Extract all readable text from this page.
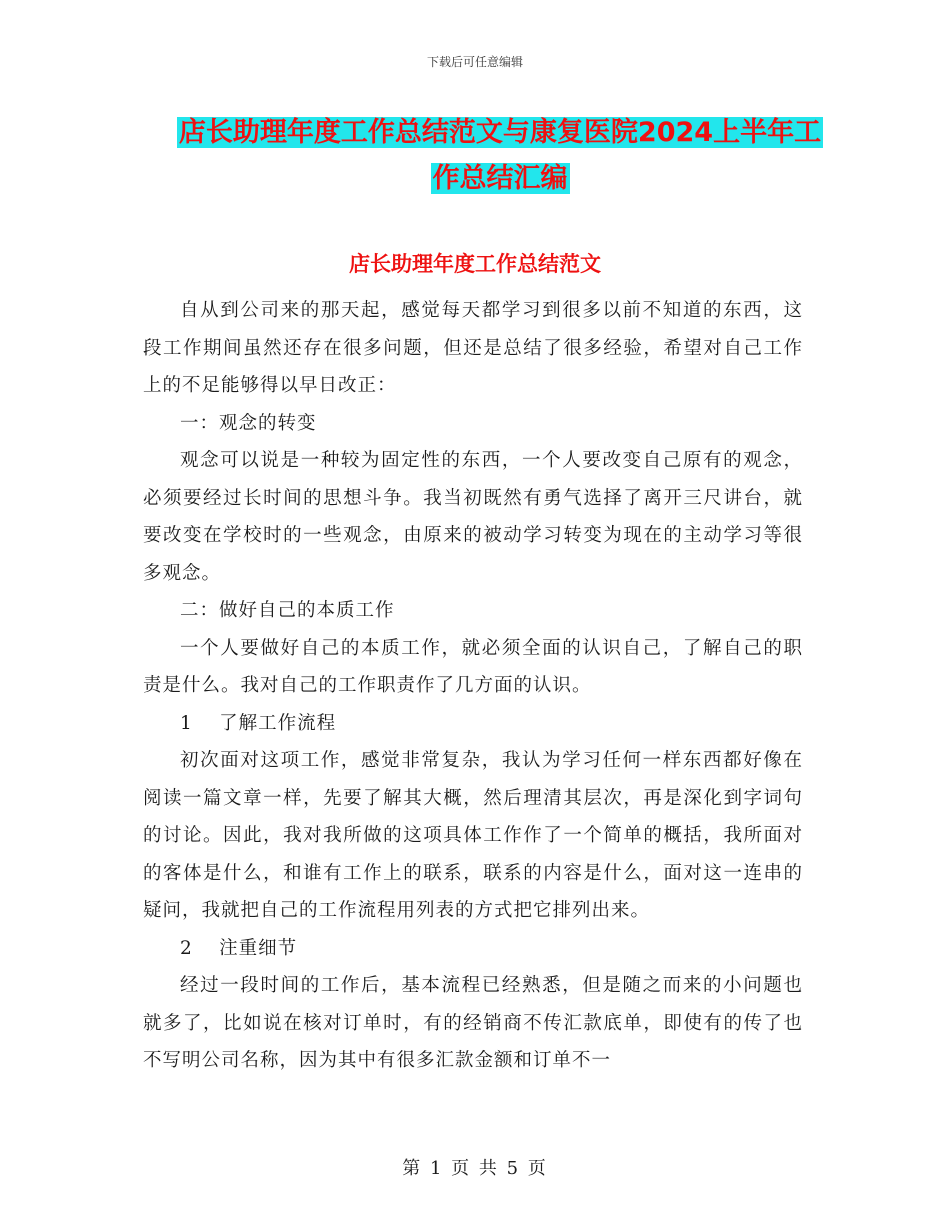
下载后可任意编辑
店长助理年度工作总结范文与康复医院2024上半年工
作总结汇编
店长助理年度工作总结范文

自从到公司来的那天起，感觉每天都学习到很多以前不知道的东西，这段工作期间虽然还存在很多问题，但还是总结了很多经验，希望对自己工作上的不足能够得以早日改正：

一：观念的转变

观念可以说是一种较为固定性的东西，一个人要改变自己原有的观念，必须要经过长时间的思想斗争。我当初既然有勇气选择了离开三尺讲台，就要改变在学校时的一些观念，由原来的被动学习转变为现在的主动学习等很多观念。

二：做好自己的本质工作

一个人要做好自己的本质工作，就必须全面的认识自己，了解自己的职责是什么。我对自己的工作职责作了几方面的认识。

1　 了解工作流程

初次面对这项工作，感觉非常复杂，我认为学习任何一样东西都好像在阅读一篇文章一样，先要了解其大概，然后理清其层次，再是深化到字词句的讨论。因此，我对我所做的这项具体工作作了一个简单的概括，我所面对的客体是什么，和谁有工作上的联系，联系的内容是什么，面对这一连串的疑问，我就把自己的工作流程用列表的方式把它排列出来。

2　 注重细节

经过一段时间的工作后，基本流程已经熟悉，但是随之而来的小问题也就多了，比如说在核对订单时，有的经销商不传汇款底单，即使有的传了也不写明公司名称，因为其中有很多汇款金额和订单不一

第 1 页 共 5 页
